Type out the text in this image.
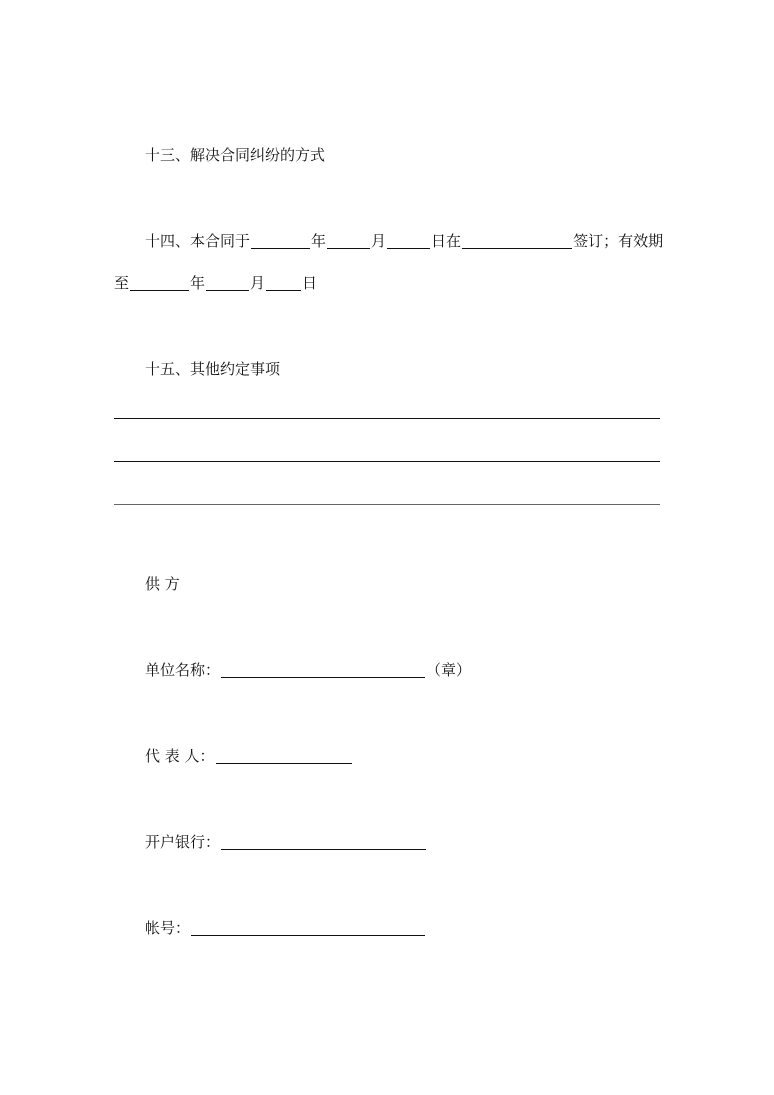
十三、解决合同纠纷的方式
十四、本合同于	年	月	日在	签订；有效期
至	年	月 日
十五、其他约定事项
供 方
单位名称：	（章）
代 表 人：
开户银行：
帐号：
